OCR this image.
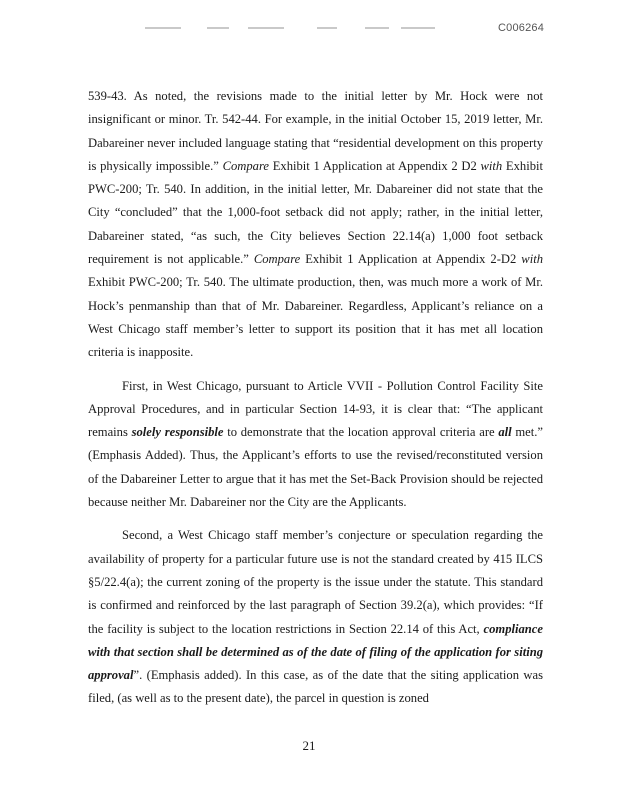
C006264

539-43. As noted, the revisions made to the initial letter by Mr. Hock were not insignificant or minor. Tr. 542-44. For example, in the initial October 15, 2019 letter, Mr. Dabareiner never included language stating that “residential development on this property is physically impossible.” Compare Exhibit 1 Application at Appendix 2 D2 with Exhibit PWC-200; Tr. 540. In addition, in the initial letter, Mr. Dabareiner did not state that the City “concluded” that the 1,000-foot setback did not apply; rather, in the initial letter, Dabareiner stated, “as such, the City believes Section 22.14(a) 1,000 foot setback requirement is not applicable.” Compare Exhibit 1 Application at Appendix 2-D2 with Exhibit PWC-200; Tr. 540. The ultimate production, then, was much more a work of Mr. Hock’s penmanship than that of Mr. Dabareiner. Regardless, Applicant’s reliance on a West Chicago staff member’s letter to support its position that it has met all location criteria is inapposite.

First, in West Chicago, pursuant to Article VVII - Pollution Control Facility Site Approval Procedures, and in particular Section 14-93, it is clear that: “The applicant remains solely responsible to demonstrate that the location approval criteria are all met.” (Emphasis Added). Thus, the Applicant’s efforts to use the revised/reconstituted version of the Dabareiner Letter to argue that it has met the Set-Back Provision should be rejected because neither Mr. Dabareiner nor the City are the Applicants.

Second, a West Chicago staff member’s conjecture or speculation regarding the availability of property for a particular future use is not the standard created by 415 ILCS §5/22.4(a); the current zoning of the property is the issue under the statute. This standard is confirmed and reinforced by the last paragraph of Section 39.2(a), which provides: “If the facility is subject to the location restrictions in Section 22.14 of this Act, compliance with that section shall be determined as of the date of filing of the application for siting approval”. (Emphasis added). In this case, as of the date that the siting application was filed, (as well as to the present date), the parcel in question is zoned

21
